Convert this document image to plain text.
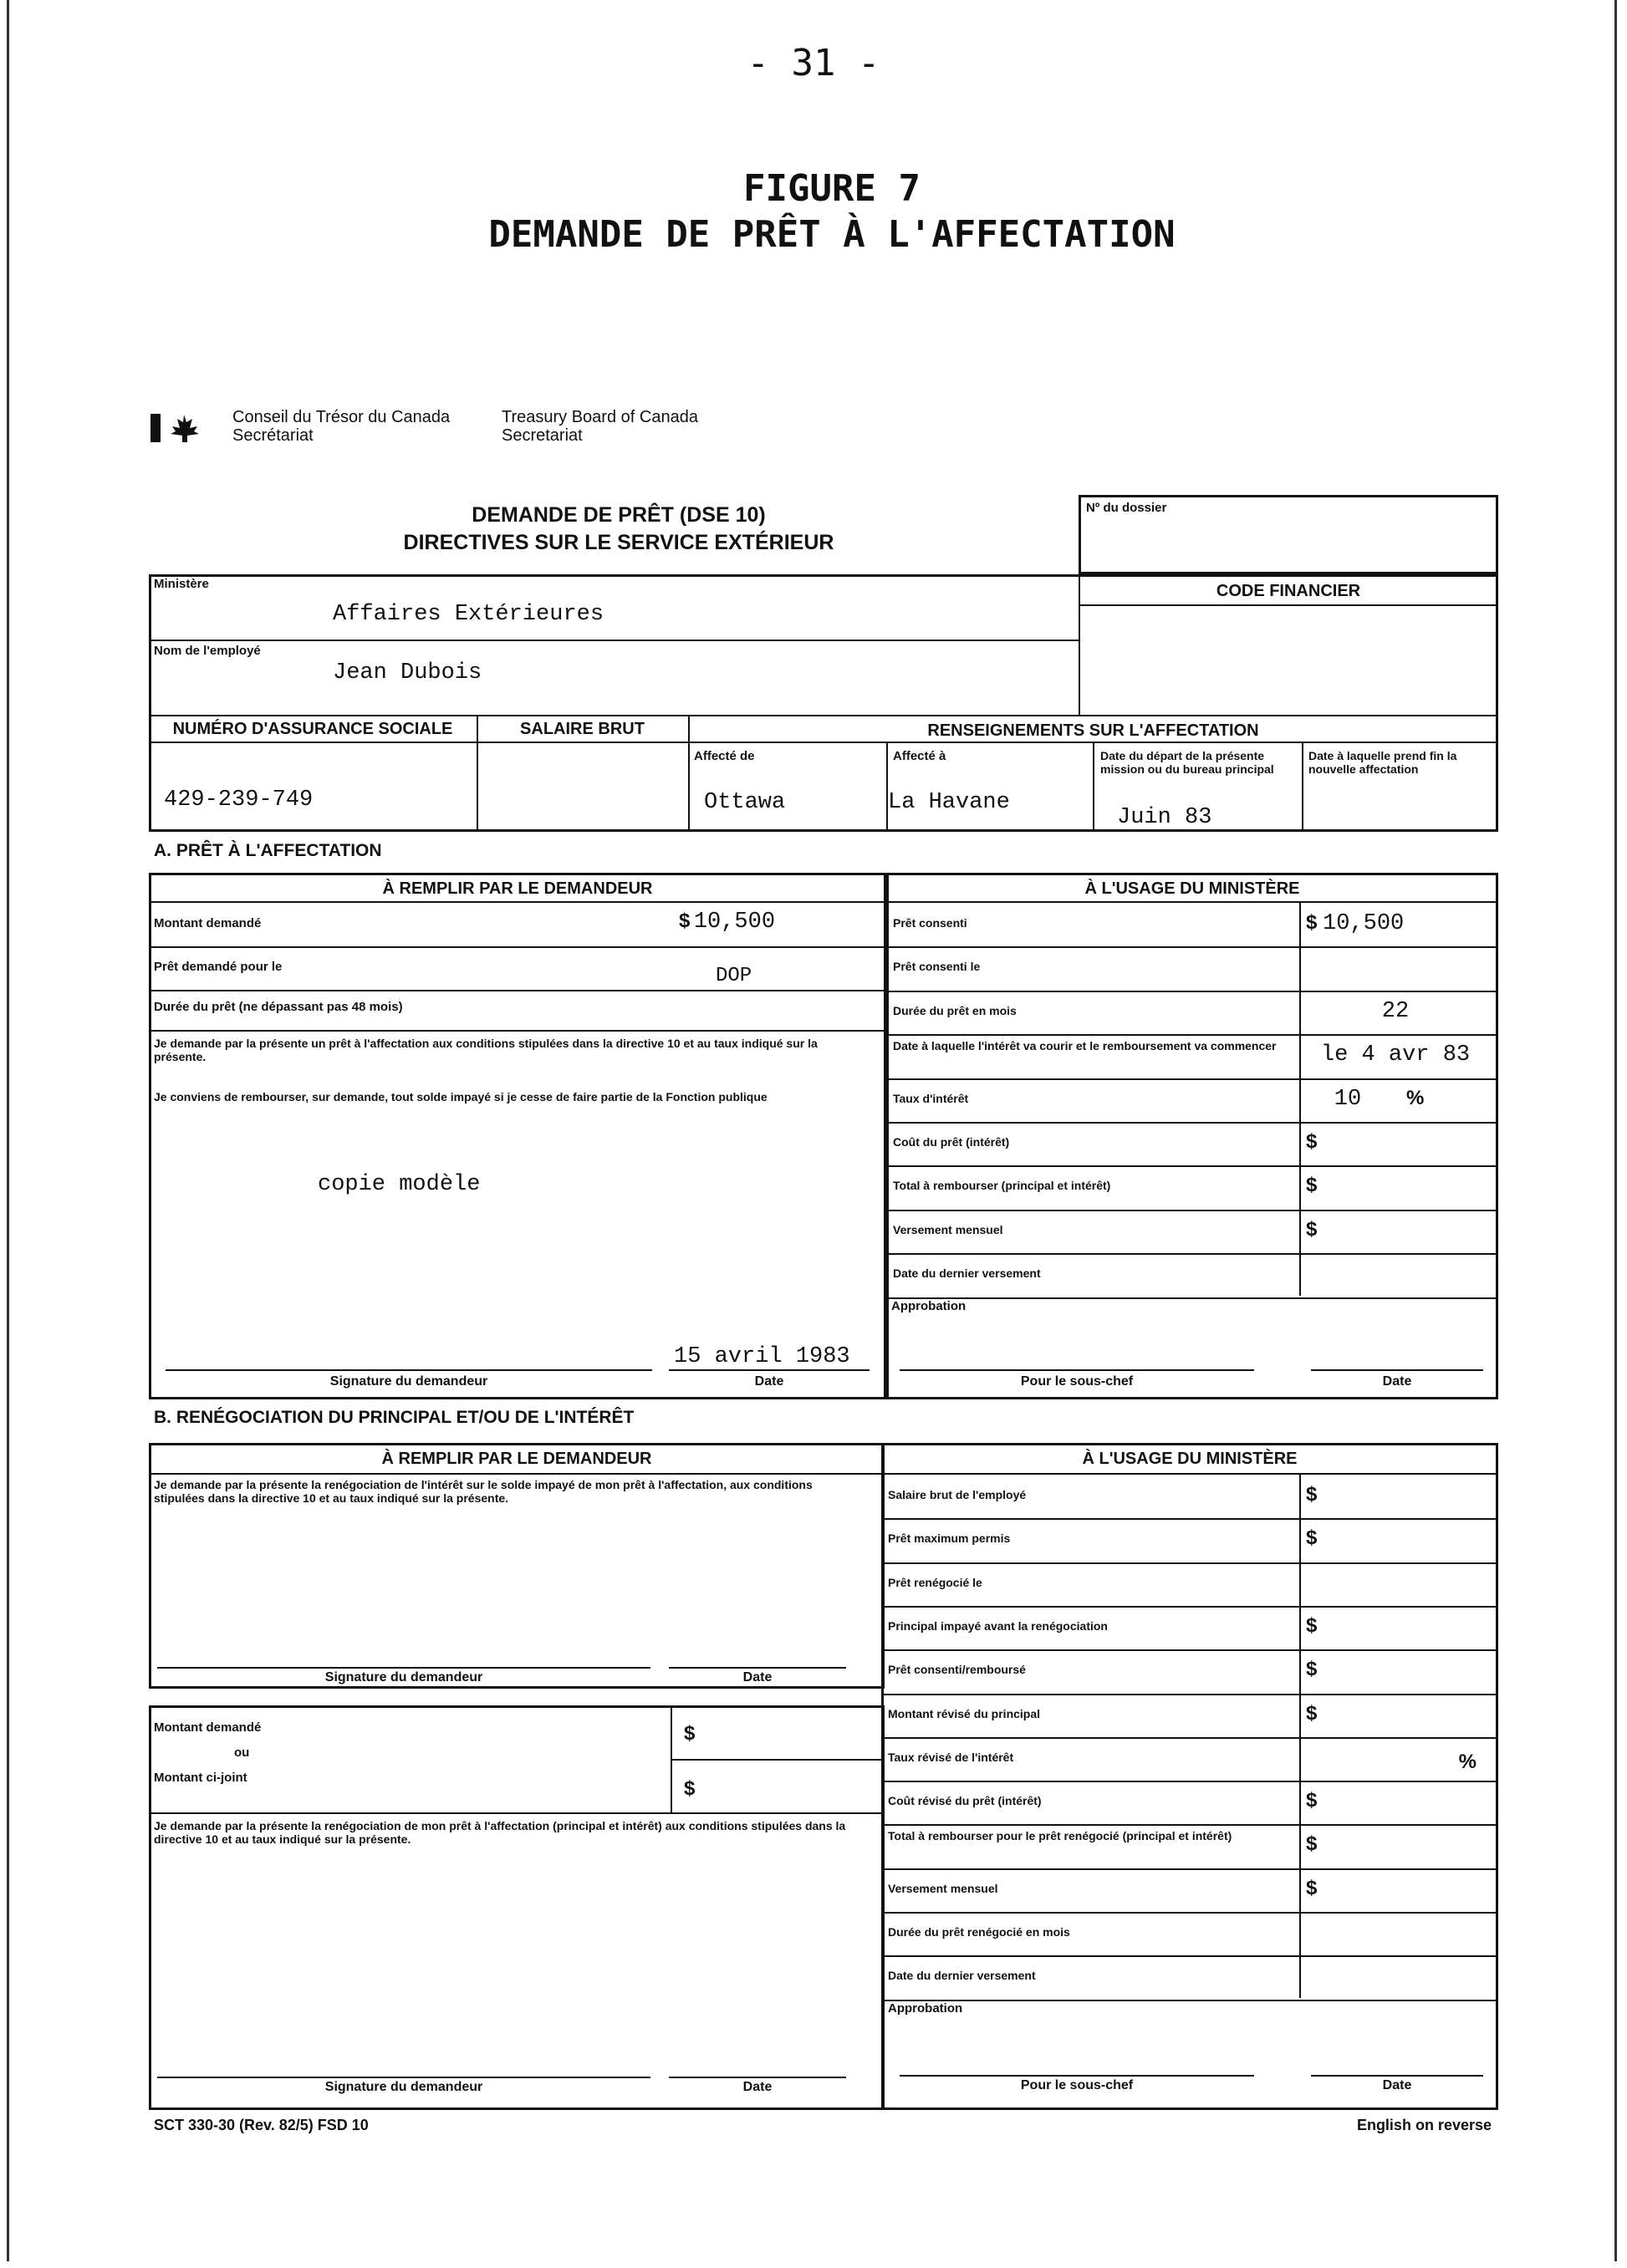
- 31 -
FIGURE 7
DEMANDE DE PRÊT À L'AFFECTATION
Conseil du Trésor du Canada
Secrétariat
Treasury Board of Canada
Secretariat
DEMANDE DE PRÊT (DSE 10)
DIRECTIVES SUR LE SERVICE EXTÉRIEUR
Nº du dossier
Ministère
Affaires Extérieures
Nom de l'employé
Jean Dubois
CODE FINANCIER
NUMÉRO D'ASSURANCE SOCIALE	SALAIRE BRUT	RENSEIGNEMENTS SUR L'AFFECTATION
429-239-749
Affecté de
Ottawa
Affecté à
La Havane
Date du départ de la présente mission ou du bureau principal
Juin 83
Date à laquelle prend fin la nouvelle affectation
A. PRÊT À L'AFFECTATION
À REMPLIR PAR LE DEMANDEUR	À L'USAGE DU MINISTÈRE
Montant demandé	$ 10,500
Prêt demandé pour le	DOP
Durée du prêt (ne dépassant pas 48 mois)
Je demande par la présente un prêt à l'affectation aux conditions stipulées dans la directive 10 et au taux indiqué sur la présente.
Je conviens de rembourser, sur demande, tout solde impayé si je cesse de faire partie de la Fonction publique
copie modèle
15 avril 1983
Signature du demandeur	Date
Prêt consenti	$ 10,500
Prêt consenti le
Durée du prêt en mois	22
Date à laquelle l'intérêt va courir et le remboursement va commencer	le 4 avr 83
Taux d'intérêt	10 %
Coût du prêt (intérêt)	$
Total à rembourser (principal et intérêt)	$
Versement mensuel	$
Date du dernier versement
Approbation
Pour le sous-chef	Date
B. RENÉGOCIATION DU PRINCIPAL ET/OU DE L'INTÉRÊT
À REMPLIR PAR LE DEMANDEUR	À L'USAGE DU MINISTÈRE
Je demande par la présente la renégociation de l'intérêt sur le solde impayé de mon prêt à l'affectation, aux conditions stipulées dans la directive 10 et au taux indiqué sur la présente.
Signature du demandeur	Date
Montant demandé
ou
Montant ci-joint
$
$
Je demande par la présente la renégociation de mon prêt à l'affectation (principal et intérêt) aux conditions stipulées dans la directive 10 et au taux indiqué sur la présente.
Signature du demandeur	Date
Salaire brut de l'employé	$
Prêt maximum permis	$
Prêt renégocié le
Principal impayé avant la renégociation	$
Prêt consenti/remboursé	$
Montant révisé du principal	$
Taux révisé de l'intérêt	%
Coût révisé du prêt (intérêt)	$
Total à rembourser pour le prêt renégocié (principal et intérêt)	$
Versement mensuel	$
Durée du prêt renégocié en mois
Date du dernier versement
Approbation
Pour le sous-chef	Date
SCT 330-30 (Rev. 82/5) FSD 10	English on reverse
